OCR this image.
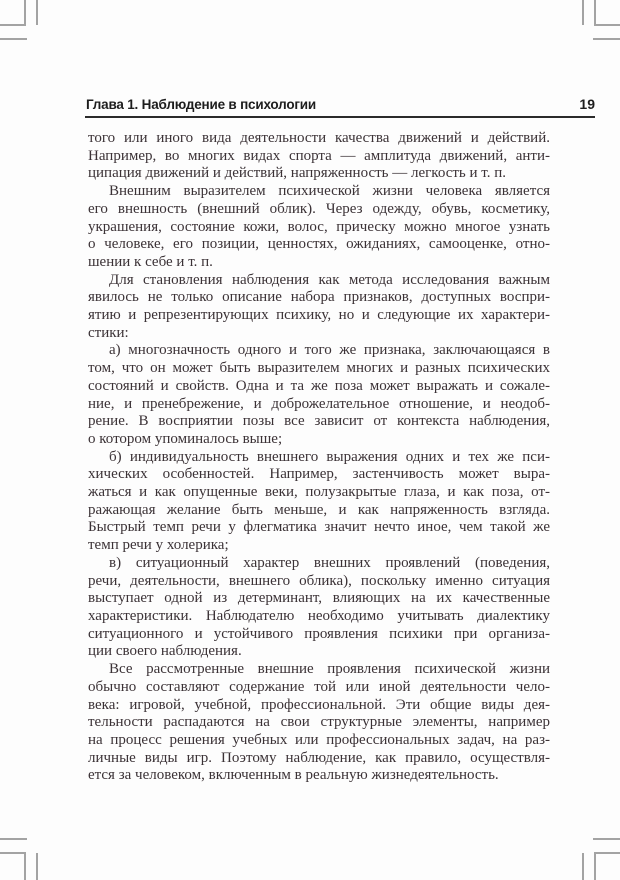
Глава 1. Наблюдение в психологии	19
того или иного вида деятельности качества движений и действий.
Например, во многих видах спорта — амплитуда движений, анти-
ципация движений и действий, напряженность — легкость и т. п.
Внешним выразителем психической жизни человека является
его внешность (внешний облик). Через одежду, обувь, косметику,
украшения, состояние кожи, волос, прическу можно многое узнать
о человеке, его позиции, ценностях, ожиданиях, самооценке, отно-
шении к себе и т. п.
Для становления наблюдения как метода исследования важным
явилось не только описание набора признаков, доступных воспри-
ятию и репрезентирующих психику, но и следующие их характери-
стики:
а) многозначность одного и того же признака, заключающаяся в
том, что он может быть выразителем многих и разных психических
состояний и свойств. Одна и та же поза может выражать и сожале-
ние, и пренебрежение, и доброжелательное отношение, и неодоб-
рение. В восприятии позы все зависит от контекста наблюдения,
о котором упоминалось выше;
б) индивидуальность внешнего выражения одних и тех же пси-
хических особенностей. Например, застенчивость может выра-
жаться и как опущенные веки, полузакрытые глаза, и как поза, от-
ражающая желание быть меньше, и как напряженность взгляда.
Быстрый темп речи у флегматика значит нечто иное, чем такой же
темп речи у холерика;
в) ситуационный характер внешних проявлений (поведения,
речи, деятельности, внешнего облика), поскольку именно ситуация
выступает одной из детерминант, влияющих на их качественные
характеристики. Наблюдателю необходимо учитывать диалектику
ситуационного и устойчивого проявления психики при организа-
ции своего наблюдения.
Все рассмотренные внешние проявления психической жизни
обычно составляют содержание той или иной деятельности чело-
века: игровой, учебной, профессиональной. Эти общие виды дея-
тельности распадаются на свои структурные элементы, например
на процесс решения учебных или профессиональных задач, на раз-
личные виды игр. Поэтому наблюдение, как правило, осуществля-
ется за человеком, включенным в реальную жизнедеятельность.
